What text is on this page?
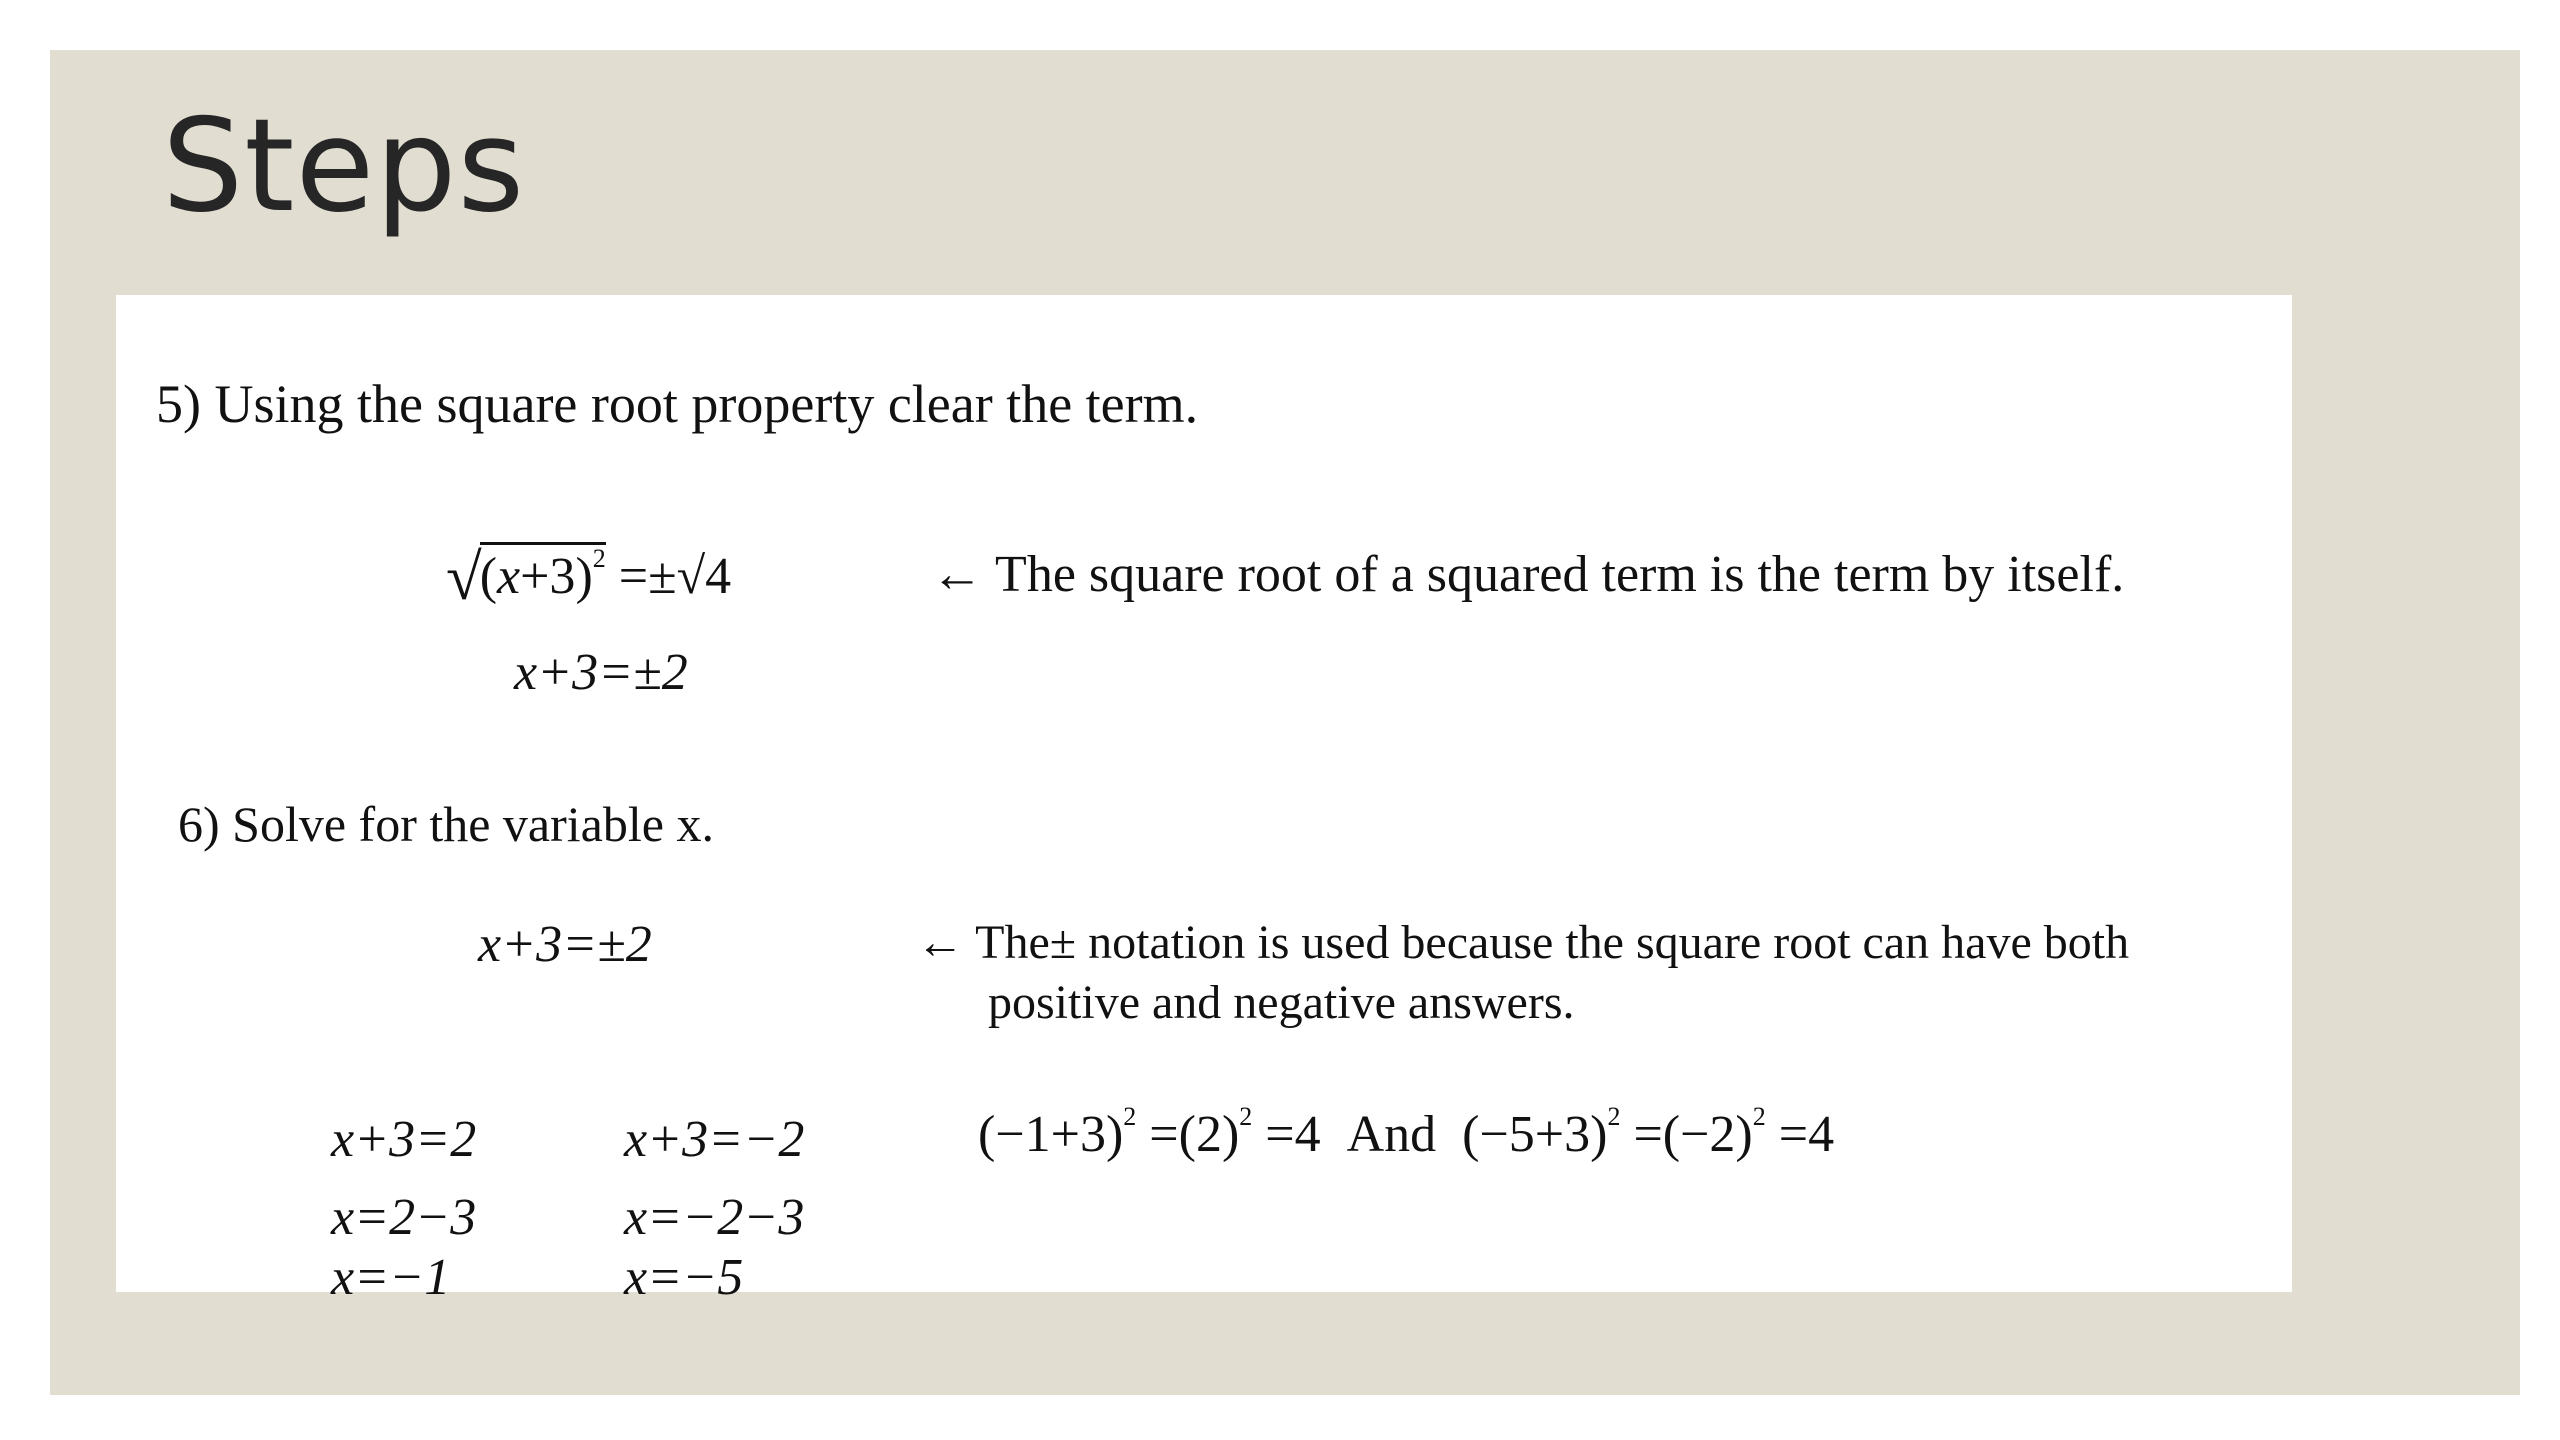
Steps
5) Using the square root property clear the term.
$√(x+3)^2 =\pm√4$	← The square root of a squared term is the term by itself.
x+3=±2
6) Solve for the variable x.
x+3=±2	← The± notation is used because the square root can have both
positive and negative answers.
x+3=2
x=2−3
x=−1
x+3=−2
x=−2−3
x=−5
$(-1+3)^2 =(2)^2 =4$ And $(-5+3)^2 =(-2)^2 =4$
